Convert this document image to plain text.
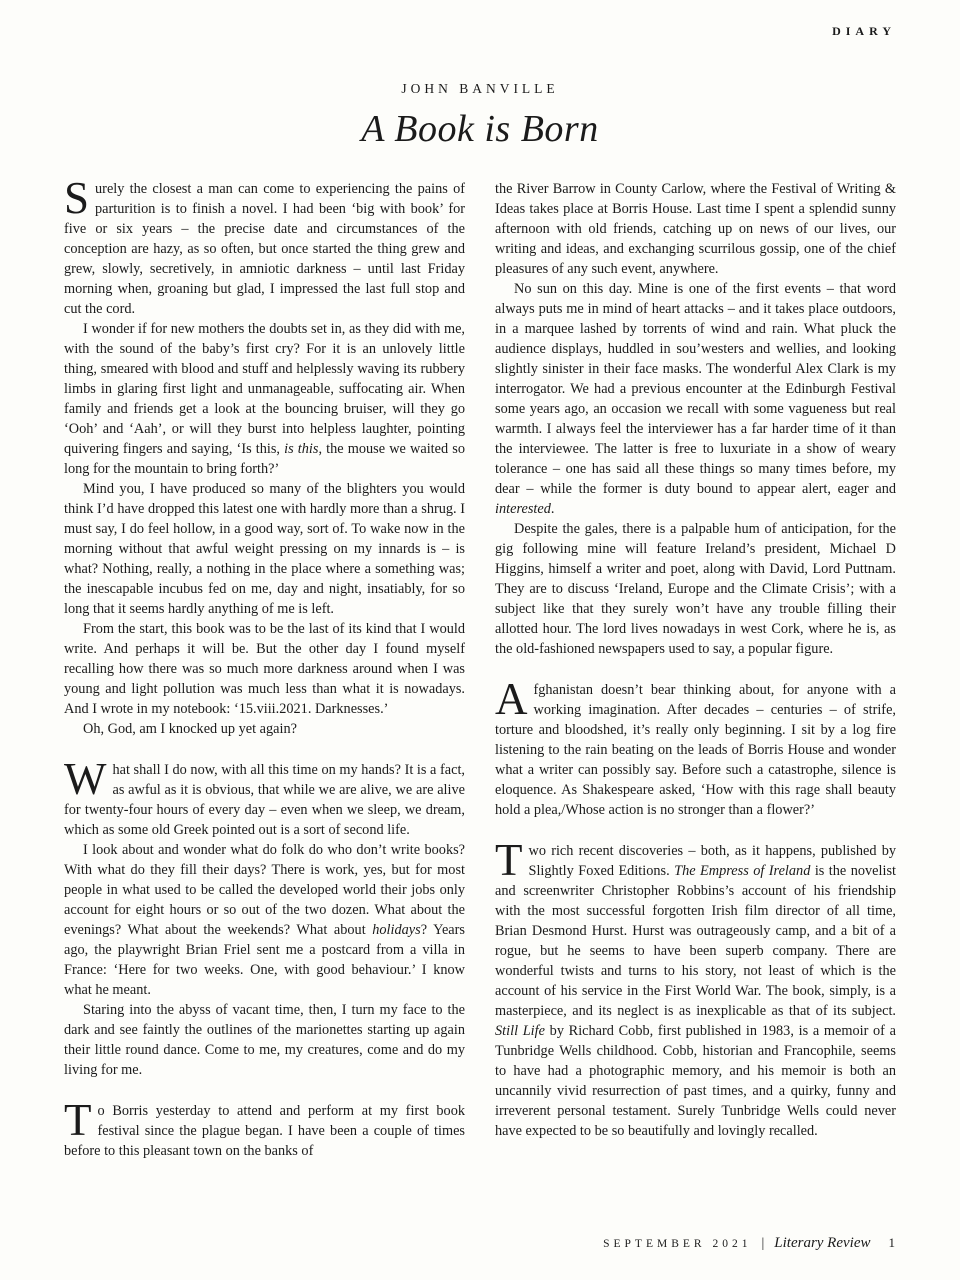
DIARY
JOHN BANVILLE
A Book is Born

Surely the closest a man can come to experiencing the pains of parturition is to finish a novel. I had been ‘big with book’ for five or six years – the precise date and circumstances of the conception are hazy, as so often, but once started the thing grew and grew, slowly, secretively, in amniotic darkness – until last Friday morning when, groaning but glad, I impressed the last full stop and cut the cord.

I wonder if for new mothers the doubts set in, as they did with me, with the sound of the baby’s first cry? For it is an unlovely little thing, smeared with blood and stuff and helplessly waving its rubbery limbs in glaring first light and unmanageable, suffocating air. When family and friends get a look at the bouncing bruiser, will they go ‘Ooh’ and ‘Aah’, or will they burst into helpless laughter, pointing quivering fingers and saying, ‘Is this, is this, the mouse we waited so long for the mountain to bring forth?’

Mind you, I have produced so many of the blighters you would think I’d have dropped this latest one with hardly more than a shrug. I must say, I do feel hollow, in a good way, sort of. To wake now in the morning without that awful weight pressing on my innards is – is what? Nothing, really, a nothing in the place where a something was; the inescapable incubus fed on me, day and night, insatiably, for so long that it seems hardly anything of me is left.

From the start, this book was to be the last of its kind that I would write. And perhaps it will be. But the other day I found myself recalling how there was so much more darkness around when I was young and light pollution was much less than what it is nowadays. And I wrote in my notebook: ‘15.viii.2021. Darknesses.’

Oh, God, am I knocked up yet again?

What shall I do now, with all this time on my hands? It is a fact, as awful as it is obvious, that while we are alive, we are alive for twenty-four hours of every day – even when we sleep, we dream, which as some old Greek pointed out is a sort of second life.

I look about and wonder what do folk do who don’t write books? With what do they fill their days? There is work, yes, but for most people in what used to be called the developed world their jobs only account for eight hours or so out of the two dozen. What about the evenings? What about the weekends? What about holidays? Years ago, the playwright Brian Friel sent me a postcard from a villa in France: ‘Here for two weeks. One, with good behaviour.’ I know what he meant.

Staring into the abyss of vacant time, then, I turn my face to the dark and see faintly the outlines of the marionettes starting up again their little round dance. Come to me, my creatures, come and do my living for me.

To Borris yesterday to attend and perform at my first book festival since the plague began. I have been a couple of times before to this pleasant town on the banks of

the River Barrow in County Carlow, where the Festival of Writing & Ideas takes place at Borris House. Last time I spent a splendid sunny afternoon with old friends, catching up on news of our lives, our writing and ideas, and exchanging scurrilous gossip, one of the chief pleasures of any such event, anywhere.

No sun on this day. Mine is one of the first events – that word always puts me in mind of heart attacks – and it takes place outdoors, in a marquee lashed by torrents of wind and rain. What pluck the audience displays, huddled in sou’westers and wellies, and looking slightly sinister in their face masks. The wonderful Alex Clark is my interrogator. We had a previous encounter at the Edinburgh Festival some years ago, an occasion we recall with some vagueness but real warmth. I always feel the interviewer has a far harder time of it than the interviewee. The latter is free to luxuriate in a show of weary tolerance – one has said all these things so many times before, my dear – while the former is duty bound to appear alert, eager and interested.

Despite the gales, there is a palpable hum of anticipation, for the gig following mine will feature Ireland’s president, Michael D Higgins, himself a writer and poet, along with David, Lord Puttnam. They are to discuss ‘Ireland, Europe and the Climate Crisis’; with a subject like that they surely won’t have any trouble filling their allotted hour. The lord lives nowadays in west Cork, where he is, as the old-fashioned newspapers used to say, a popular figure.

Afghanistan doesn’t bear thinking about, for anyone with a working imagination. After decades – centuries – of strife, torture and bloodshed, it’s really only beginning. I sit by a log fire listening to the rain beating on the leads of Borris House and wonder what a writer can possibly say. Before such a catastrophe, silence is eloquence. As Shakespeare asked, ‘How with this rage shall beauty hold a plea,/Whose action is no stronger than a flower?’

Two rich recent discoveries – both, as it happens, published by Slightly Foxed Editions. The Empress of Ireland is the novelist and screenwriter Christopher Robbins’s account of his friendship with the most successful forgotten Irish film director of all time, Brian Desmond Hurst. Hurst was outrageously camp, and a bit of a rogue, but he seems to have been superb company. There are wonderful twists and turns to his story, not least of which is the account of his service in the First World War. The book, simply, is a masterpiece, and its neglect is as inexplicable as that of its subject. Still Life by Richard Cobb, first published in 1983, is a memoir of a Tunbridge Wells childhood. Cobb, historian and Francophile, seems to have had a photographic memory, and his memoir is both an uncannily vivid resurrection of past times, and a quirky, funny and irreverent personal testament. Surely Tunbridge Wells could never have expected to be so beautifully and lovingly recalled.

SEPTEMBER 2021 | Literary Review 1
